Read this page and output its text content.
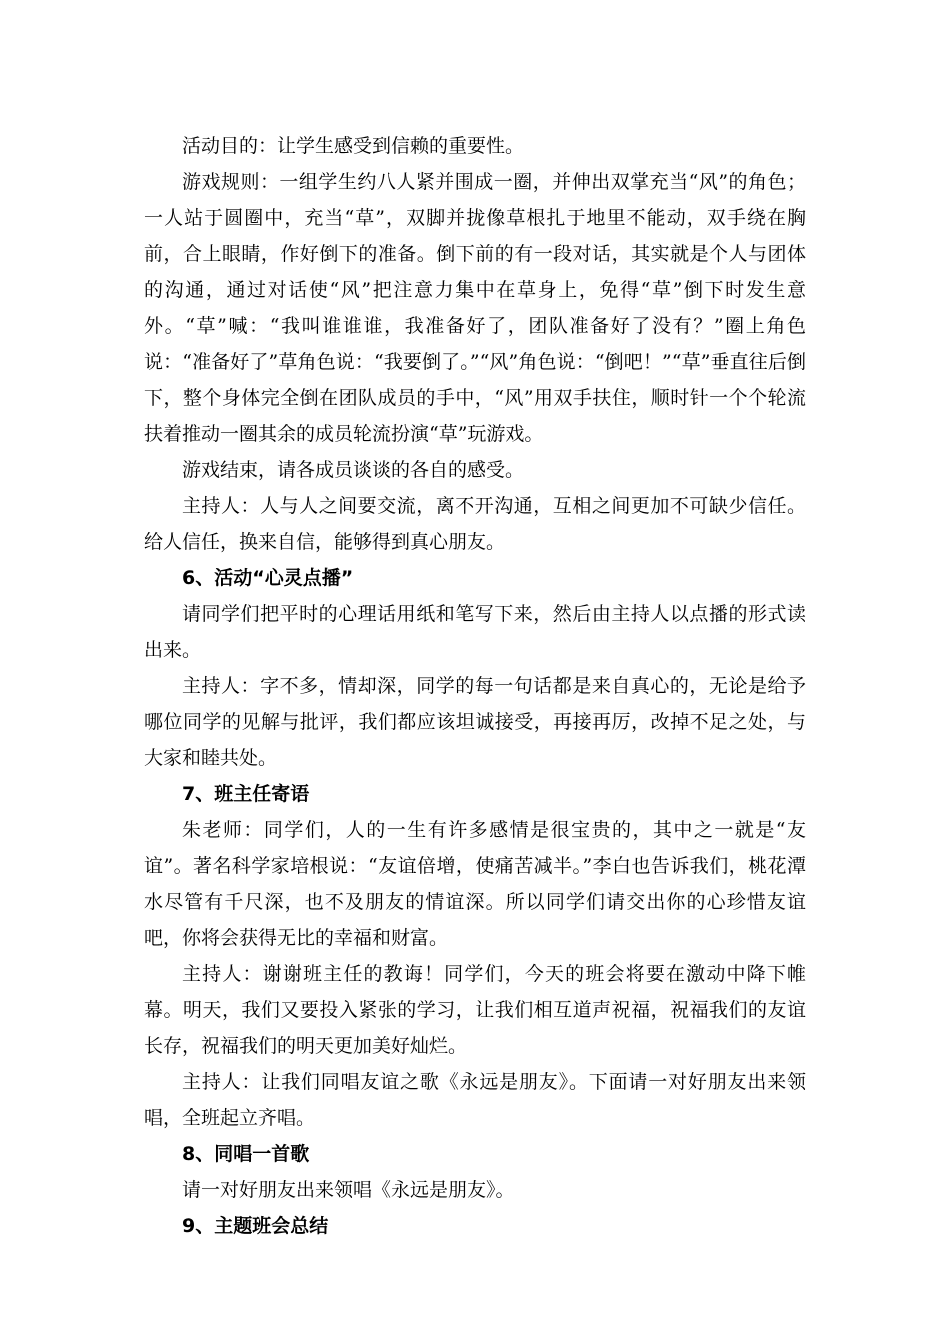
活动目的：让学生感受到信赖的重要性。

游戏规则：一组学生约八人紧并围成一圈，并伸出双掌充当“风”的角色；一人站于圆圈中，充当“草”，双脚并拢像草根扎于地里不能动，双手绕在胸前，合上眼睛，作好倒下的准备。倒下前的有一段对话，其实就是个人与团体的沟通，通过对话使“风”把注意力集中在草身上，免得“草”倒下时发生意外。“草”喊：“我叫谁谁谁，我准备好了，团队准备好了没有？”圈上角色说：“准备好了”草角色说：“我要倒了。”“风”角色说：“倒吧！”“草”垂直往后倒下，整个身体完全倒在团队成员的手中，“风”用双手扶住，顺时针一个个轮流扶着推动一圈其余的成员轮流扮演“草”玩游戏。

游戏结束，请各成员谈谈的各自的感受。

主持人：人与人之间要交流，离不开沟通，互相之间更加不可缺少信任。给人信任，换来自信，能够得到真心朋友。

6、活动“心灵点播”

请同学们把平时的心理话用纸和笔写下来，然后由主持人以点播的形式读出来。

主持人：字不多，情却深，同学的每一句话都是来自真心的，无论是给予哪位同学的见解与批评，我们都应该坦诚接受，再接再厉，改掉不足之处，与大家和睦共处。

7、班主任寄语

朱老师：同学们，人的一生有许多感情是很宝贵的，其中之一就是“友谊”。著名科学家培根说：“友谊倍增，使痛苦减半。”李白也告诉我们，桃花潭水尽管有千尺深，也不及朋友的情谊深。所以同学们请交出你的心珍惜友谊吧，你将会获得无比的幸福和财富。

主持人：谢谢班主任的教诲！同学们，今天的班会将要在激动中降下帷幕。明天，我们又要投入紧张的学习，让我们相互道声祝福，祝福我们的友谊长存，祝福我们的明天更加美好灿烂。

主持人：让我们同唱友谊之歌《永远是朋友》。下面请一对好朋友出来领唱，全班起立齐唱。

8、同唱一首歌

请一对好朋友出来领唱《永远是朋友》。

9、主题班会总结
